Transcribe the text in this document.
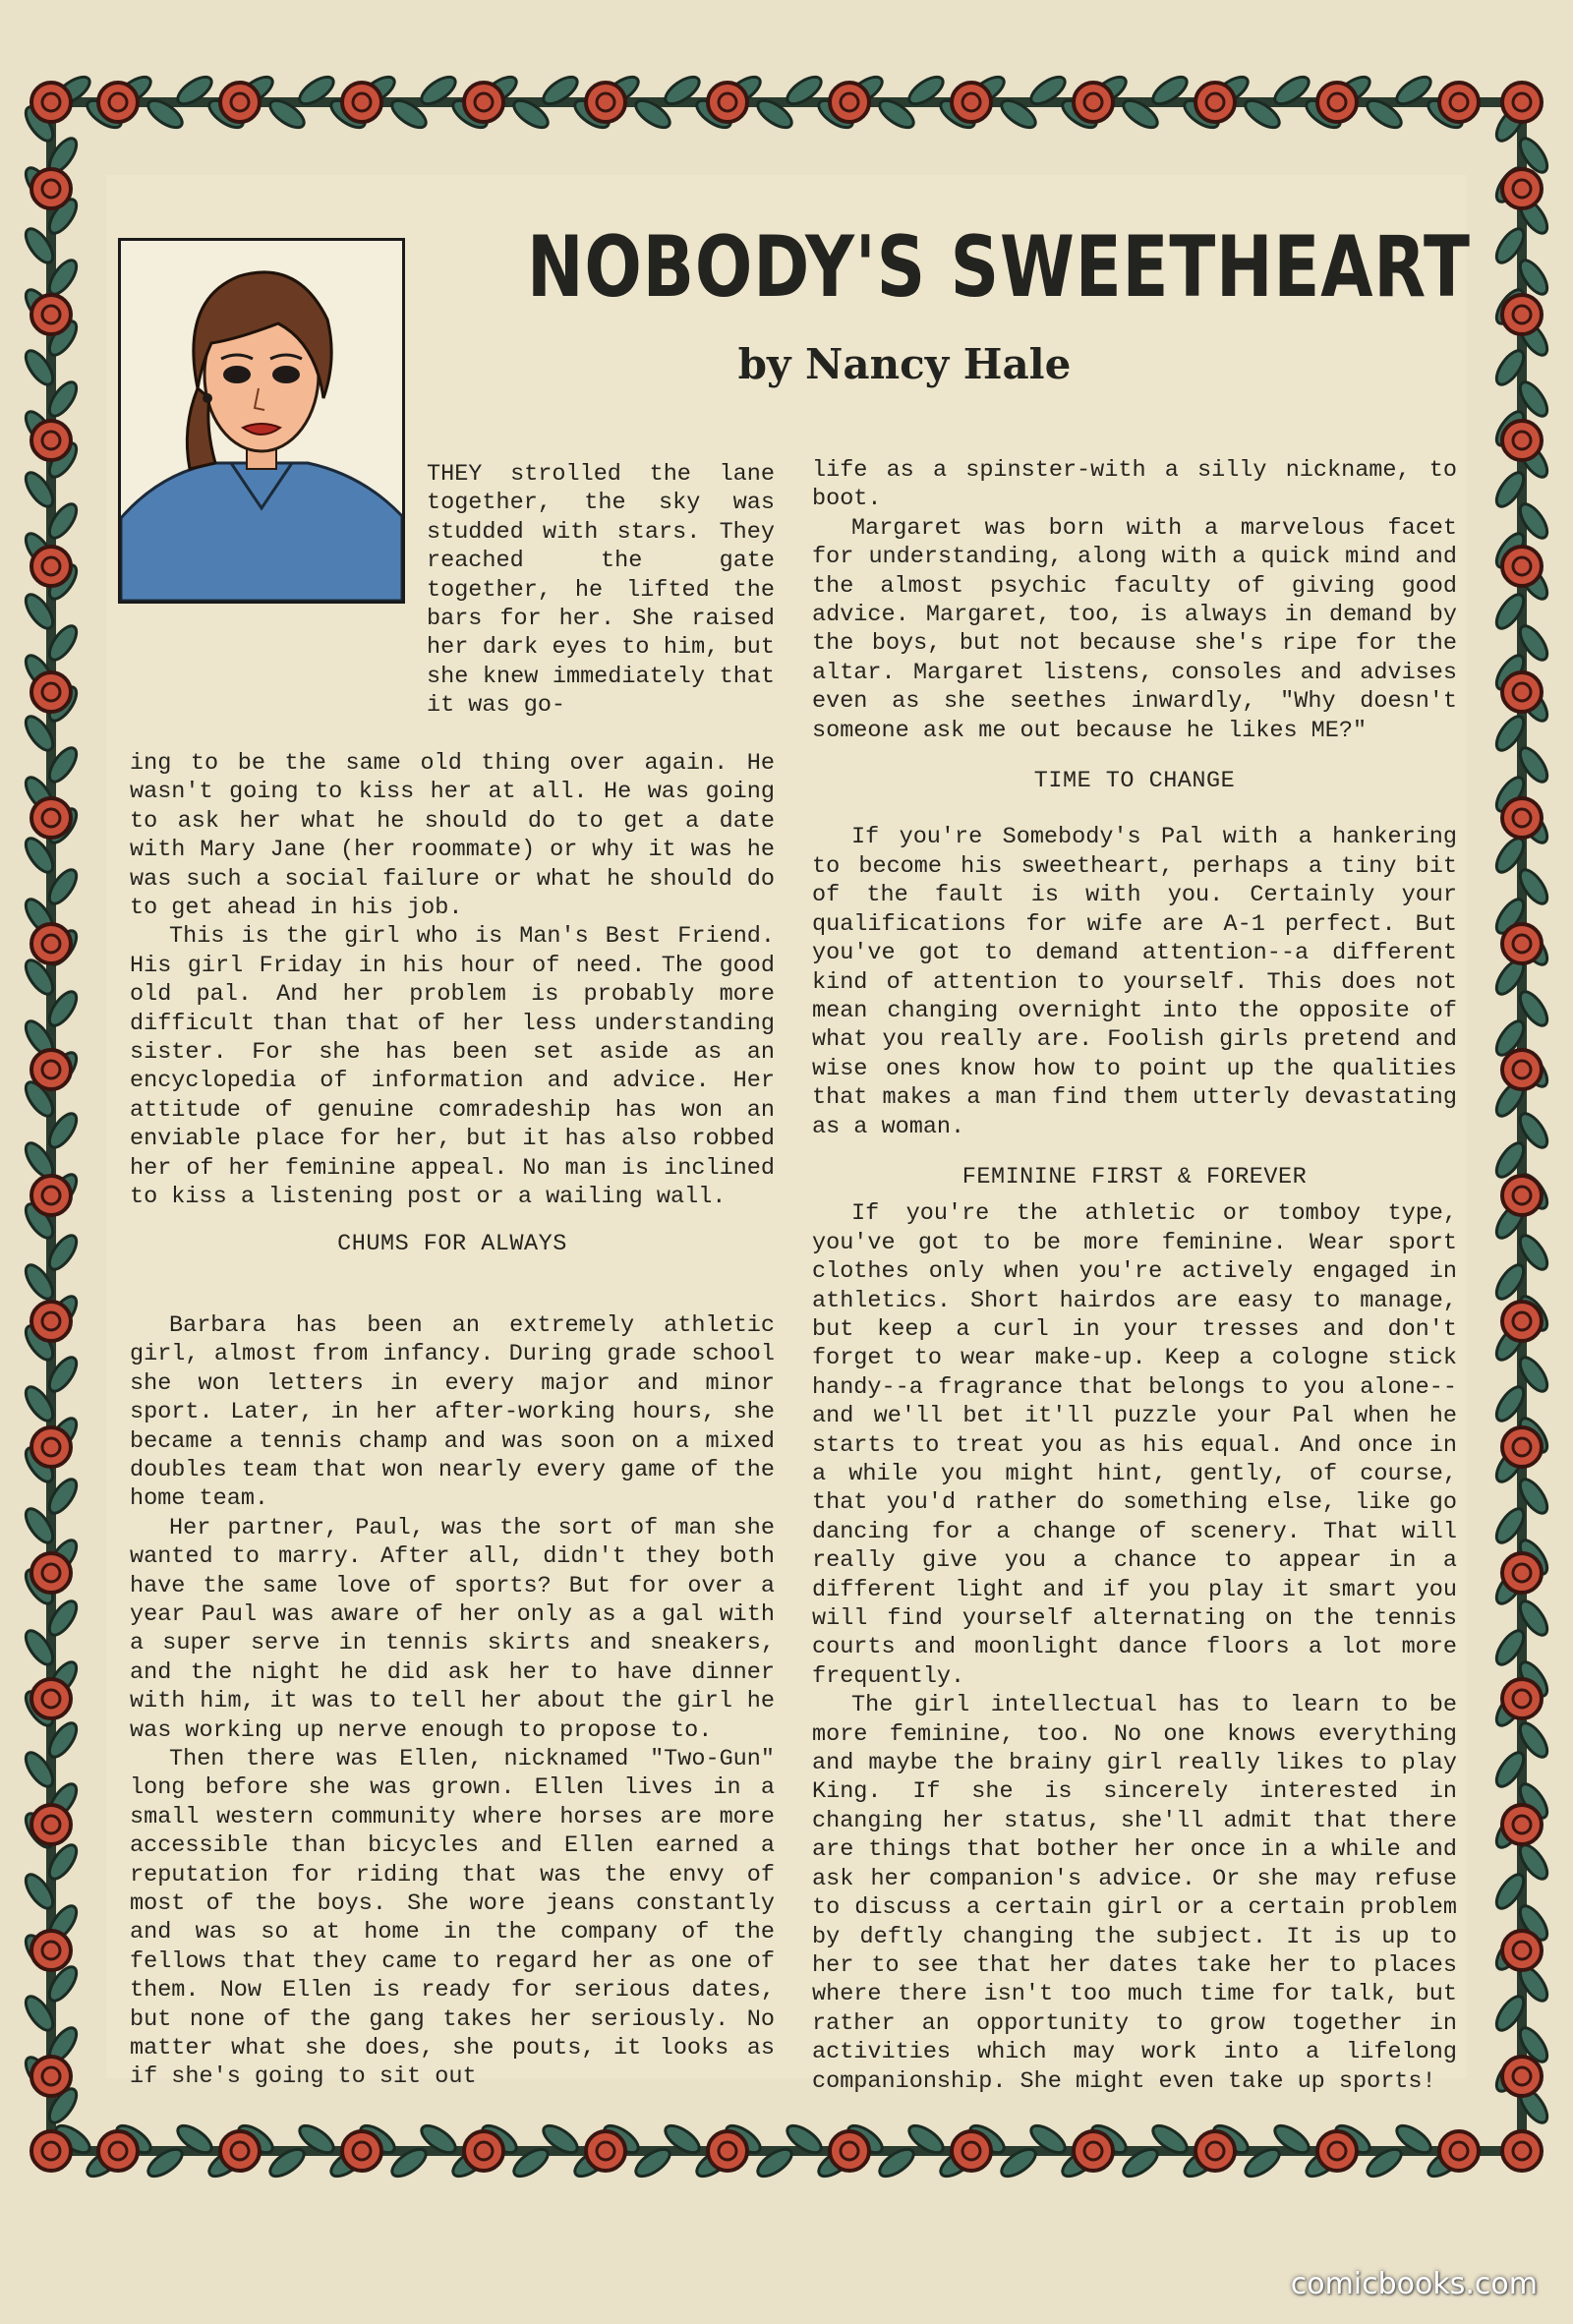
NOBODY'S SWEETHEART
by Nancy Hale

THEY strolled the lane together, the sky was studded with stars. They reached the gate together, he lifted the bars for her. She raised her dark eyes to him, but she knew immediately that it was go-

ing to be the same old thing over again. He wasn't going to kiss her at all. He was going to ask her what he should do to get a date with Mary Jane (her roommate) or why it was he was such a social failure or what he should do to get ahead in his job.

This is the girl who is Man's Best Friend. His girl Friday in his hour of need. The good old pal. And her problem is probably more difficult than that of her less understanding sister. For she has been set aside as an encyclopedia of information and advice. Her attitude of genuine comradeship has won an enviable place for her, but it has also robbed her of her feminine appeal. No man is inclined to kiss a listening post or a wailing wall.

CHUMS FOR ALWAYS

Barbara has been an extremely athletic girl, almost from infancy. During grade school she won letters in every major and minor sport. Later, in her after-working hours, she became a tennis champ and was soon on a mixed doubles team that won nearly every game of the home team.

Her partner, Paul, was the sort of man she wanted to marry. After all, didn't they both have the same love of sports? But for over a year Paul was aware of her only as a gal with a super serve in tennis skirts and sneakers, and the night he did ask her to have dinner with him, it was to tell her about the girl he was working up nerve enough to propose to.

Then there was Ellen, nicknamed "Two-Gun" long before she was grown. Ellen lives in a small western community where horses are more accessible than bicycles and Ellen earned a reputation for riding that was the envy of most of the boys. She wore jeans constantly and was so at home in the company of the fellows that they came to regard her as one of them. Now Ellen is ready for serious dates, but none of the gang takes her seriously. No matter what she does, she pouts, it looks as if she's going to sit out

life as a spinster-with a silly nickname, to boot.

Margaret was born with a marvelous facet for understanding, along with a quick mind and the almost psychic faculty of giving good advice. Margaret, too, is always in demand by the boys, but not because she's ripe for the altar. Margaret listens, consoles and advises even as she seethes inwardly, "Why doesn't someone ask me out because he likes ME?"

TIME TO CHANGE

If you're Somebody's Pal with a hankering to become his sweetheart, perhaps a tiny bit of the fault is with you. Certainly your qualifications for wife are A-1 perfect. But you've got to demand attention--a different kind of attention to yourself. This does not mean changing overnight into the opposite of what you really are. Foolish girls pretend and wise ones know how to point up the qualities that makes a man find them utterly devastating as a woman.

FEMININE FIRST & FOREVER

If you're the athletic or tomboy type, you've got to be more feminine. Wear sport clothes only when you're actively engaged in athletics. Short hairdos are easy to manage, but keep a curl in your tresses and don't forget to wear make-up. Keep a cologne stick handy--a fragrance that belongs to you alone--and we'll bet it'll puzzle your Pal when he starts to treat you as his equal. And once in a while you might hint, gently, of course, that you'd rather do something else, like go dancing for a change of scenery. That will really give you a chance to appear in a different light and if you play it smart you will find yourself alternating on the tennis courts and moonlight dance floors a lot more frequently.

The girl intellectual has to learn to be more feminine, too. No one knows everything and maybe the brainy girl really likes to play King. If she is sincerely interested in changing her status, she'll admit that there are things that bother her once in a while and ask her companion's advice. Or she may refuse to discuss a certain girl or a certain problem by deftly changing the subject. It is up to her to see that her dates take her to places where there isn't too much time for talk, but rather an opportunity to grow together in activities which may work into a lifelong companionship. She might even take up sports!

comicbooks.com
